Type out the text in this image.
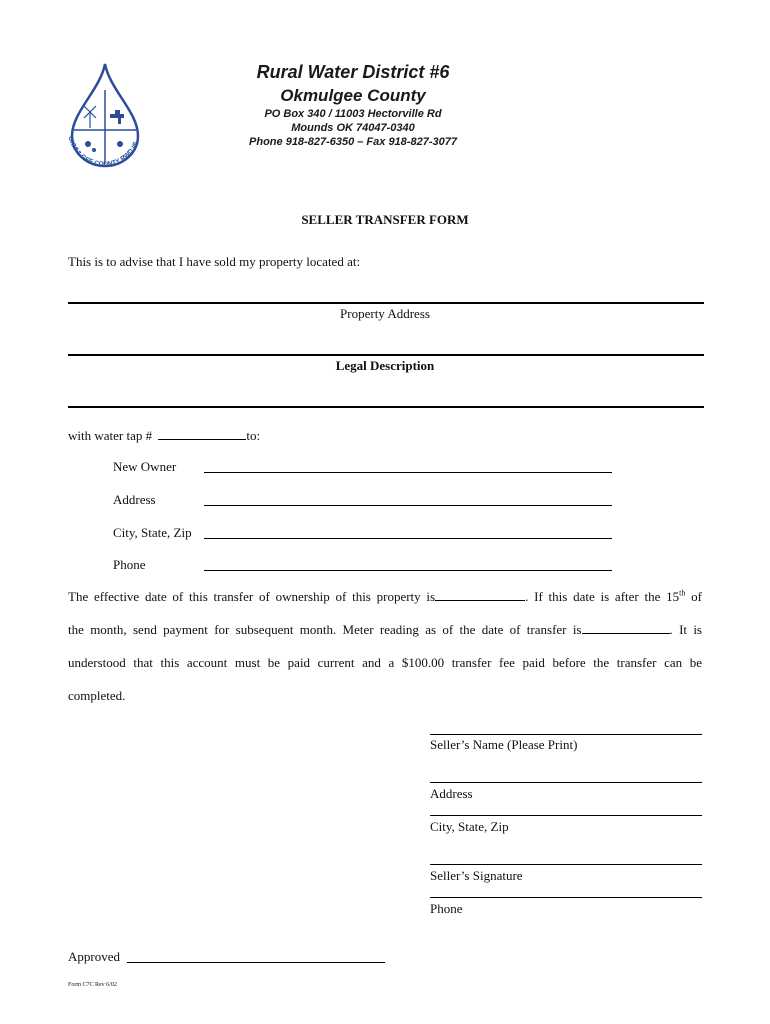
OKMULGEE COUNTY RWD #6
Rural Water District #6
Okmulgee County
PO Box 340 / 11003 Hectorville Rd
Mounds OK 74047-0340
Phone 918-827-6350 – Fax 918-827-3077
SELLER TRANSFER FORM
This is to advise that I have sold my property located at:
Property Address
Legal Description
with water tap #	to:
New Owner
Address
City, State, Zip
Phone

The effective date of this transfer of ownership of this property is	. If this date is after the 15th of

the month, send payment for subsequent month. Meter reading as of the date of transfer is	. It is

understood that this account must be paid current and a $100.00 transfer fee paid before the transfer can be

completed.

Seller’s Name (Please Print)
Address
City, State, Zip
Seller’s Signature
Phone
Approved
Form C7C Rev 6/02
